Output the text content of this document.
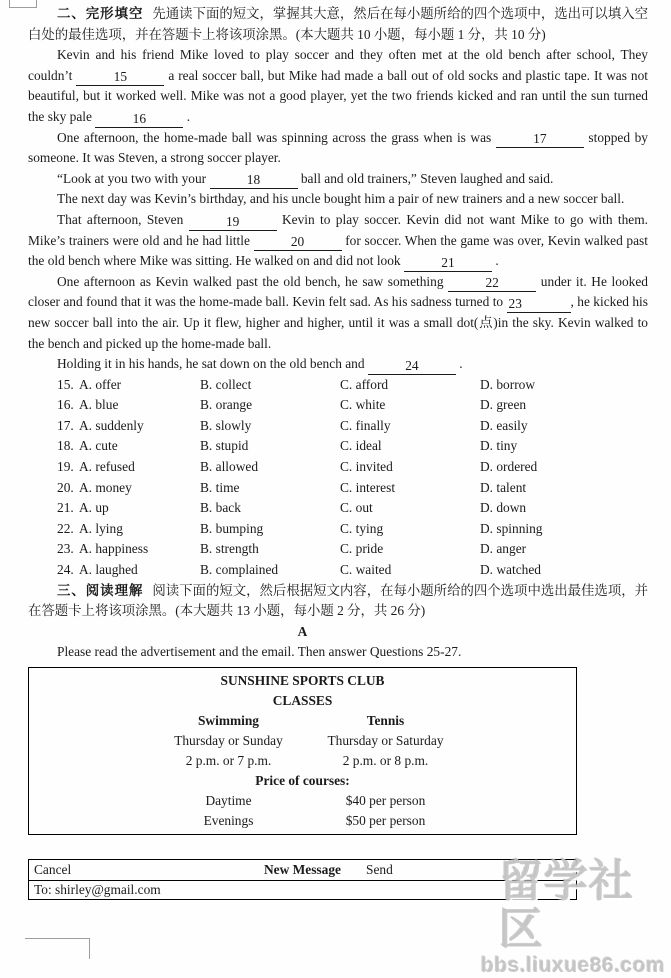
二、完形填空 先通读下面的短文，掌握其大意，然后在每小题所给的四个选项中，选出可以填入空白处的最佳选项，并在答题卡上将该项涂黑。(本大题共 10 小题，每小题 1 分，共 10 分)

Kevin and his friend Mike loved to play soccer and they often met at the old bench after school, They couldn’t	15	a real soccer ball, but Mike had made a ball out of old socks and plastic tape. It was not beautiful, but it worked well. Mike was not a good player, yet the two friends kicked and ran until the sun turned the sky pale	16	.

One afternoon, the home-made ball was spinning across the grass when is was	17	stopped by someone. It was Steven, a strong soccer player.

“Look at you two with your	18	ball and old trainers,” Steven laughed and said.

The next day was Kevin’s birthday, and his uncle bought him a pair of new trainers and a new soccer ball.

That afternoon, Steven	19	Kevin to play soccer. Kevin did not want Mike to go with them. Mike’s trainers were old and he had little	20	for soccer. When the game was over, Kevin walked past the old bench where Mike was sitting. He walked on and did not look	21	.

One afternoon as Kevin walked past the old bench, he saw something	22	under it. He looked closer and found that it was the home-made ball. Kevin felt sad. As his sadness turned to 23	, he kicked his new soccer ball into the air. Up it flew, higher and higher, until it was a small dot(点)in the sky. Kevin walked to the bench and picked up the home-made ball.

Holding it in his hands, he sat down on the old bench and	24	.

15. A. offer	B. collect	C. afford	D. borrow
16. A. blue	B. orange	C. white	D. green
17. A. suddenly	B. slowly	C. finally	D. easily
18. A. cute	B. stupid	C. ideal	D. tiny
19. A. refused	B. allowed	C. invited	D. ordered
20. A. money	B. time	C. interest	D. talent
21. A. up	B. back	C. out	D. down
22. A. lying	B. bumping	C. tying	D. spinning
23. A. happiness	B. strength	C. pride	D. anger
24. A. laughed	B. complained	C. waited	D. watched

三、阅读理解 阅读下面的短文，然后根据短文内容，在每小题所给的四个选项中选出最佳选项，并在答题卡上将该项涂黑。(本大题共 13 小题，每小题 2 分，共 26 分)

A

Please read the advertisement and the email. Then answer Questions 25-27.

SUNSHINE SPORTS CLUB
CLASSES
Swimming	Tennis
Thursday or Sunday	Thursday or Saturday
2 p.m. or 7 p.m.	2 p.m. or 8 p.m.
Price of courses:
Daytime	$40 per person
Evenings	$50 per person
Cancel	New Message	Send
To: shirley@gmail.com	留学社区
bbs.liuxue86.com
